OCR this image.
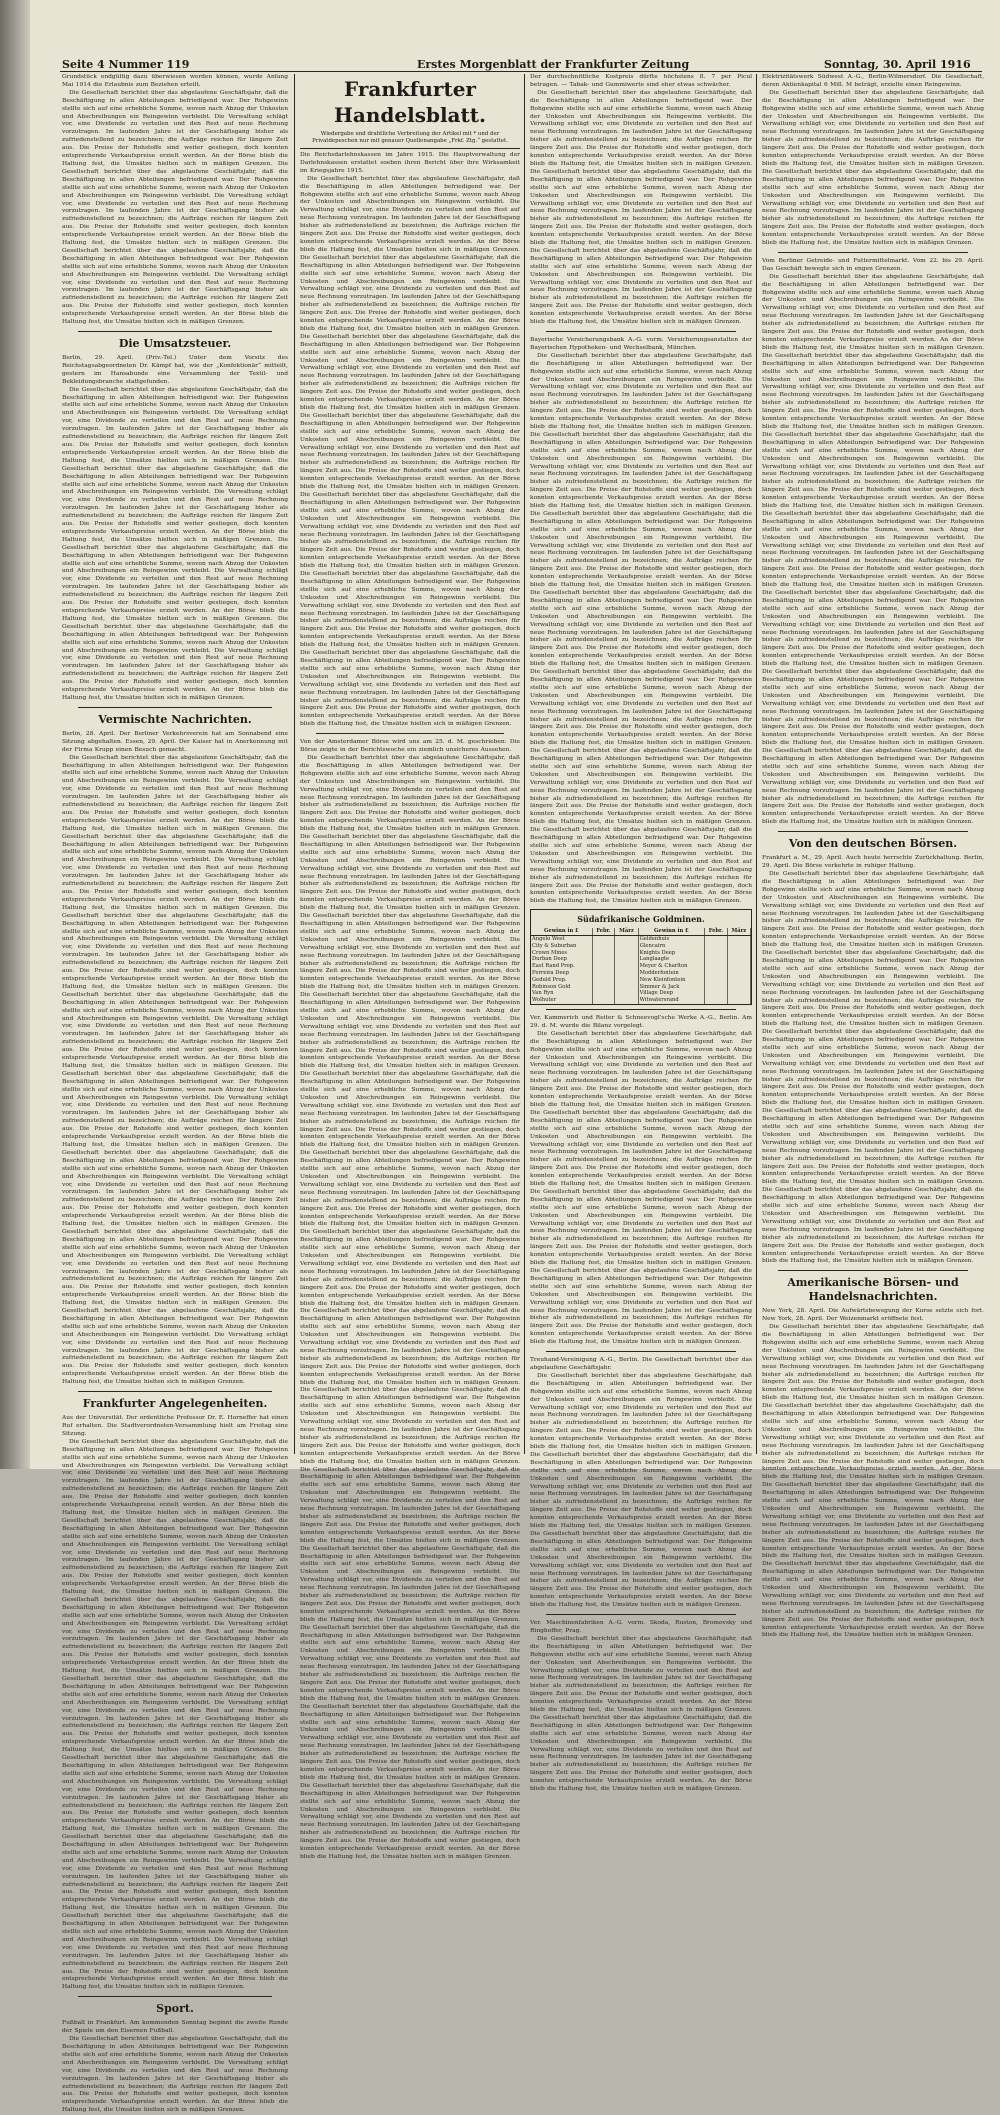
Seite 4 Nummer 119	Erstes Morgenblatt der Frankfurter Zeitung	Sonntag, 30. April 1916

Grundstück endgültig dazu überwiesen werden können, wurde Anfang Mai 1914 die Erlaubnis zum Beziehen erteilt.

Die Gesellschaft berichtet über das abgelaufene Geschäftsjahr, daß die Beschäftigung in allen Abteilungen befriedigend war. Der Rohgewinn stellte sich auf eine erhebliche Summe, wovon nach Abzug der Unkosten und Abschreibungen ein Reingewinn verbleibt. Die Verwaltung schlägt vor, eine Dividende zu verteilen und den Rest auf neue Rechnung vorzutragen. Im laufenden Jahre ist der Geschäftsgang bisher als zufriedenstellend zu bezeichnen; die Aufträge reichen für längere Zeit aus. Die Preise der Rohstoffe sind weiter gestiegen, doch konnten entsprechende Verkaufspreise erzielt werden. An der Börse blieb die Haltung fest, die Umsätze hielten sich in mäßigen Grenzen. Die Gesellschaft berichtet über das abgelaufene Geschäftsjahr, daß die Beschäftigung in allen Abteilungen befriedigend war. Der Rohgewinn stellte sich auf eine erhebliche Summe, wovon nach Abzug der Unkosten und Abschreibungen ein Reingewinn verbleibt. Die Verwaltung schlägt vor, eine Dividende zu verteilen und den Rest auf neue Rechnung vorzutragen. Im laufenden Jahre ist der Geschäftsgang bisher als zufriedenstellend zu bezeichnen; die Aufträge reichen für längere Zeit aus. Die Preise der Rohstoffe sind weiter gestiegen, doch konnten entsprechende Verkaufspreise erzielt werden. An der Börse blieb die Haltung fest, die Umsätze hielten sich in mäßigen Grenzen. Die Gesellschaft berichtet über das abgelaufene Geschäftsjahr, daß die Beschäftigung in allen Abteilungen befriedigend war. Der Rohgewinn stellte sich auf eine erhebliche Summe, wovon nach Abzug der Unkosten und Abschreibungen ein Reingewinn verbleibt. Die Verwaltung schlägt vor, eine Dividende zu verteilen und den Rest auf neue Rechnung vorzutragen. Im laufenden Jahre ist der Geschäftsgang bisher als zufriedenstellend zu bezeichnen; die Aufträge reichen für längere Zeit aus. Die Preise der Rohstoffe sind weiter gestiegen, doch konnten entsprechende Verkaufspreise erzielt werden. An der Börse blieb die Haltung fest, die Umsätze hielten sich in mäßigen Grenzen.

Die Umsatzsteuer.

Berlin, 29. April. (Priv.-Tel.) Unter dem Vorsitz des Reichstagsabgeordneten Dr. Kämpf hat, wie der „Konfektionär“ mitteilt, gestern im Hansabunde eine Versammlung der Textil- und Bekleidungsbranche stattgefunden.

Die Gesellschaft berichtet über das abgelaufene Geschäftsjahr, daß die Beschäftigung in allen Abteilungen befriedigend war. Der Rohgewinn stellte sich auf eine erhebliche Summe, wovon nach Abzug der Unkosten und Abschreibungen ein Reingewinn verbleibt. Die Verwaltung schlägt vor, eine Dividende zu verteilen und den Rest auf neue Rechnung vorzutragen. Im laufenden Jahre ist der Geschäftsgang bisher als zufriedenstellend zu bezeichnen; die Aufträge reichen für längere Zeit aus. Die Preise der Rohstoffe sind weiter gestiegen, doch konnten entsprechende Verkaufspreise erzielt werden. An der Börse blieb die Haltung fest, die Umsätze hielten sich in mäßigen Grenzen. Die Gesellschaft berichtet über das abgelaufene Geschäftsjahr, daß die Beschäftigung in allen Abteilungen befriedigend war. Der Rohgewinn stellte sich auf eine erhebliche Summe, wovon nach Abzug der Unkosten und Abschreibungen ein Reingewinn verbleibt. Die Verwaltung schlägt vor, eine Dividende zu verteilen und den Rest auf neue Rechnung vorzutragen. Im laufenden Jahre ist der Geschäftsgang bisher als zufriedenstellend zu bezeichnen; die Aufträge reichen für längere Zeit aus. Die Preise der Rohstoffe sind weiter gestiegen, doch konnten entsprechende Verkaufspreise erzielt werden. An der Börse blieb die Haltung fest, die Umsätze hielten sich in mäßigen Grenzen. Die Gesellschaft berichtet über das abgelaufene Geschäftsjahr, daß die Beschäftigung in allen Abteilungen befriedigend war. Der Rohgewinn stellte sich auf eine erhebliche Summe, wovon nach Abzug der Unkosten und Abschreibungen ein Reingewinn verbleibt. Die Verwaltung schlägt vor, eine Dividende zu verteilen und den Rest auf neue Rechnung vorzutragen. Im laufenden Jahre ist der Geschäftsgang bisher als zufriedenstellend zu bezeichnen; die Aufträge reichen für längere Zeit aus. Die Preise der Rohstoffe sind weiter gestiegen, doch konnten entsprechende Verkaufspreise erzielt werden. An der Börse blieb die Haltung fest, die Umsätze hielten sich in mäßigen Grenzen. Die Gesellschaft berichtet über das abgelaufene Geschäftsjahr, daß die Beschäftigung in allen Abteilungen befriedigend war. Der Rohgewinn stellte sich auf eine erhebliche Summe, wovon nach Abzug der Unkosten und Abschreibungen ein Reingewinn verbleibt. Die Verwaltung schlägt vor, eine Dividende zu verteilen und den Rest auf neue Rechnung vorzutragen. Im laufenden Jahre ist der Geschäftsgang bisher als zufriedenstellend zu bezeichnen; die Aufträge reichen für längere Zeit aus. Die Preise der Rohstoffe sind weiter gestiegen, doch konnten entsprechende Verkaufspreise erzielt werden. An der Börse blieb die Haltung fest, die Umsätze hielten sich in mäßigen Grenzen.

Vermischte Nachrichten.

Berlin, 28. April. Der Berliner Verkehrsverein hat am Sonnabend eine Sitzung abgehalten. Essen, 29. April. Der Kaiser hat in Anerkennung mit der Firma Krupp einen Besuch gemacht.

Die Gesellschaft berichtet über das abgelaufene Geschäftsjahr, daß die Beschäftigung in allen Abteilungen befriedigend war. Der Rohgewinn stellte sich auf eine erhebliche Summe, wovon nach Abzug der Unkosten und Abschreibungen ein Reingewinn verbleibt. Die Verwaltung schlägt vor, eine Dividende zu verteilen und den Rest auf neue Rechnung vorzutragen. Im laufenden Jahre ist der Geschäftsgang bisher als zufriedenstellend zu bezeichnen; die Aufträge reichen für längere Zeit aus. Die Preise der Rohstoffe sind weiter gestiegen, doch konnten entsprechende Verkaufspreise erzielt werden. An der Börse blieb die Haltung fest, die Umsätze hielten sich in mäßigen Grenzen. Die Gesellschaft berichtet über das abgelaufene Geschäftsjahr, daß die Beschäftigung in allen Abteilungen befriedigend war. Der Rohgewinn stellte sich auf eine erhebliche Summe, wovon nach Abzug der Unkosten und Abschreibungen ein Reingewinn verbleibt. Die Verwaltung schlägt vor, eine Dividende zu verteilen und den Rest auf neue Rechnung vorzutragen. Im laufenden Jahre ist der Geschäftsgang bisher als zufriedenstellend zu bezeichnen; die Aufträge reichen für längere Zeit aus. Die Preise der Rohstoffe sind weiter gestiegen, doch konnten entsprechende Verkaufspreise erzielt werden. An der Börse blieb die Haltung fest, die Umsätze hielten sich in mäßigen Grenzen. Die Gesellschaft berichtet über das abgelaufene Geschäftsjahr, daß die Beschäftigung in allen Abteilungen befriedigend war. Der Rohgewinn stellte sich auf eine erhebliche Summe, wovon nach Abzug der Unkosten und Abschreibungen ein Reingewinn verbleibt. Die Verwaltung schlägt vor, eine Dividende zu verteilen und den Rest auf neue Rechnung vorzutragen. Im laufenden Jahre ist der Geschäftsgang bisher als zufriedenstellend zu bezeichnen; die Aufträge reichen für längere Zeit aus. Die Preise der Rohstoffe sind weiter gestiegen, doch konnten entsprechende Verkaufspreise erzielt werden. An der Börse blieb die Haltung fest, die Umsätze hielten sich in mäßigen Grenzen. Die Gesellschaft berichtet über das abgelaufene Geschäftsjahr, daß die Beschäftigung in allen Abteilungen befriedigend war. Der Rohgewinn stellte sich auf eine erhebliche Summe, wovon nach Abzug der Unkosten und Abschreibungen ein Reingewinn verbleibt. Die Verwaltung schlägt vor, eine Dividende zu verteilen und den Rest auf neue Rechnung vorzutragen. Im laufenden Jahre ist der Geschäftsgang bisher als zufriedenstellend zu bezeichnen; die Aufträge reichen für längere Zeit aus. Die Preise der Rohstoffe sind weiter gestiegen, doch konnten entsprechende Verkaufspreise erzielt werden. An der Börse blieb die Haltung fest, die Umsätze hielten sich in mäßigen Grenzen. Die Gesellschaft berichtet über das abgelaufene Geschäftsjahr, daß die Beschäftigung in allen Abteilungen befriedigend war. Der Rohgewinn stellte sich auf eine erhebliche Summe, wovon nach Abzug der Unkosten und Abschreibungen ein Reingewinn verbleibt. Die Verwaltung schlägt vor, eine Dividende zu verteilen und den Rest auf neue Rechnung vorzutragen. Im laufenden Jahre ist der Geschäftsgang bisher als zufriedenstellend zu bezeichnen; die Aufträge reichen für längere Zeit aus. Die Preise der Rohstoffe sind weiter gestiegen, doch konnten entsprechende Verkaufspreise erzielt werden. An der Börse blieb die Haltung fest, die Umsätze hielten sich in mäßigen Grenzen. Die Gesellschaft berichtet über das abgelaufene Geschäftsjahr, daß die Beschäftigung in allen Abteilungen befriedigend war. Der Rohgewinn stellte sich auf eine erhebliche Summe, wovon nach Abzug der Unkosten und Abschreibungen ein Reingewinn verbleibt. Die Verwaltung schlägt vor, eine Dividende zu verteilen und den Rest auf neue Rechnung vorzutragen. Im laufenden Jahre ist der Geschäftsgang bisher als zufriedenstellend zu bezeichnen; die Aufträge reichen für längere Zeit aus. Die Preise der Rohstoffe sind weiter gestiegen, doch konnten entsprechende Verkaufspreise erzielt werden. An der Börse blieb die Haltung fest, die Umsätze hielten sich in mäßigen Grenzen. Die Gesellschaft berichtet über das abgelaufene Geschäftsjahr, daß die Beschäftigung in allen Abteilungen befriedigend war. Der Rohgewinn stellte sich auf eine erhebliche Summe, wovon nach Abzug der Unkosten und Abschreibungen ein Reingewinn verbleibt. Die Verwaltung schlägt vor, eine Dividende zu verteilen und den Rest auf neue Rechnung vorzutragen. Im laufenden Jahre ist der Geschäftsgang bisher als zufriedenstellend zu bezeichnen; die Aufträge reichen für längere Zeit aus. Die Preise der Rohstoffe sind weiter gestiegen, doch konnten entsprechende Verkaufspreise erzielt werden. An der Börse blieb die Haltung fest, die Umsätze hielten sich in mäßigen Grenzen. Die Gesellschaft berichtet über das abgelaufene Geschäftsjahr, daß die Beschäftigung in allen Abteilungen befriedigend war. Der Rohgewinn stellte sich auf eine erhebliche Summe, wovon nach Abzug der Unkosten und Abschreibungen ein Reingewinn verbleibt. Die Verwaltung schlägt vor, eine Dividende zu verteilen und den Rest auf neue Rechnung vorzutragen. Im laufenden Jahre ist der Geschäftsgang bisher als zufriedenstellend zu bezeichnen; die Aufträge reichen für längere Zeit aus. Die Preise der Rohstoffe sind weiter gestiegen, doch konnten entsprechende Verkaufspreise erzielt werden. An der Börse blieb die Haltung fest, die Umsätze hielten sich in mäßigen Grenzen.

Frankfurter Angelegenheiten.

Aus der Universität. Der ordentliche Professor Dr. E. Horneffer hat einen Ruf erhalten. Die Stadtverordneten-Versammlung hielt am Freitag eine Sitzung.

Die Gesellschaft berichtet über das abgelaufene Geschäftsjahr, daß die Beschäftigung in allen Abteilungen befriedigend war. Der Rohgewinn stellte sich auf eine erhebliche Summe, wovon nach Abzug der Unkosten und Abschreibungen ein Reingewinn verbleibt. Die Verwaltung schlägt vor, eine Dividende zu verteilen und den Rest auf neue Rechnung vorzutragen. Im laufenden Jahre ist der Geschäftsgang bisher als zufriedenstellend zu bezeichnen; die Aufträge reichen für längere Zeit aus. Die Preise der Rohstoffe sind weiter gestiegen, doch konnten entsprechende Verkaufspreise erzielt werden. An der Börse blieb die Haltung fest, die Umsätze hielten sich in mäßigen Grenzen. Die Gesellschaft berichtet über das abgelaufene Geschäftsjahr, daß die Beschäftigung in allen Abteilungen befriedigend war. Der Rohgewinn stellte sich auf eine erhebliche Summe, wovon nach Abzug der Unkosten und Abschreibungen ein Reingewinn verbleibt. Die Verwaltung schlägt vor, eine Dividende zu verteilen und den Rest auf neue Rechnung vorzutragen. Im laufenden Jahre ist der Geschäftsgang bisher als zufriedenstellend zu bezeichnen; die Aufträge reichen für längere Zeit aus. Die Preise der Rohstoffe sind weiter gestiegen, doch konnten entsprechende Verkaufspreise erzielt werden. An der Börse blieb die Haltung fest, die Umsätze hielten sich in mäßigen Grenzen. Die Gesellschaft berichtet über das abgelaufene Geschäftsjahr, daß die Beschäftigung in allen Abteilungen befriedigend war. Der Rohgewinn stellte sich auf eine erhebliche Summe, wovon nach Abzug der Unkosten und Abschreibungen ein Reingewinn verbleibt. Die Verwaltung schlägt vor, eine Dividende zu verteilen und den Rest auf neue Rechnung vorzutragen. Im laufenden Jahre ist der Geschäftsgang bisher als zufriedenstellend zu bezeichnen; die Aufträge reichen für längere Zeit aus. Die Preise der Rohstoffe sind weiter gestiegen, doch konnten entsprechende Verkaufspreise erzielt werden. An der Börse blieb die Haltung fest, die Umsätze hielten sich in mäßigen Grenzen. Die Gesellschaft berichtet über das abgelaufene Geschäftsjahr, daß die Beschäftigung in allen Abteilungen befriedigend war. Der Rohgewinn stellte sich auf eine erhebliche Summe, wovon nach Abzug der Unkosten und Abschreibungen ein Reingewinn verbleibt. Die Verwaltung schlägt vor, eine Dividende zu verteilen und den Rest auf neue Rechnung vorzutragen. Im laufenden Jahre ist der Geschäftsgang bisher als zufriedenstellend zu bezeichnen; die Aufträge reichen für längere Zeit aus. Die Preise der Rohstoffe sind weiter gestiegen, doch konnten entsprechende Verkaufspreise erzielt werden. An der Börse blieb die Haltung fest, die Umsätze hielten sich in mäßigen Grenzen. Die Gesellschaft berichtet über das abgelaufene Geschäftsjahr, daß die Beschäftigung in allen Abteilungen befriedigend war. Der Rohgewinn stellte sich auf eine erhebliche Summe, wovon nach Abzug der Unkosten und Abschreibungen ein Reingewinn verbleibt. Die Verwaltung schlägt vor, eine Dividende zu verteilen und den Rest auf neue Rechnung vorzutragen. Im laufenden Jahre ist der Geschäftsgang bisher als zufriedenstellend zu bezeichnen; die Aufträge reichen für längere Zeit aus. Die Preise der Rohstoffe sind weiter gestiegen, doch konnten entsprechende Verkaufspreise erzielt werden. An der Börse blieb die Haltung fest, die Umsätze hielten sich in mäßigen Grenzen. Die Gesellschaft berichtet über das abgelaufene Geschäftsjahr, daß die Beschäftigung in allen Abteilungen befriedigend war. Der Rohgewinn stellte sich auf eine erhebliche Summe, wovon nach Abzug der Unkosten und Abschreibungen ein Reingewinn verbleibt. Die Verwaltung schlägt vor, eine Dividende zu verteilen und den Rest auf neue Rechnung vorzutragen. Im laufenden Jahre ist der Geschäftsgang bisher als zufriedenstellend zu bezeichnen; die Aufträge reichen für längere Zeit aus. Die Preise der Rohstoffe sind weiter gestiegen, doch konnten entsprechende Verkaufspreise erzielt werden. An der Börse blieb die Haltung fest, die Umsätze hielten sich in mäßigen Grenzen. Die Gesellschaft berichtet über das abgelaufene Geschäftsjahr, daß die Beschäftigung in allen Abteilungen befriedigend war. Der Rohgewinn stellte sich auf eine erhebliche Summe, wovon nach Abzug der Unkosten und Abschreibungen ein Reingewinn verbleibt. Die Verwaltung schlägt vor, eine Dividende zu verteilen und den Rest auf neue Rechnung vorzutragen. Im laufenden Jahre ist der Geschäftsgang bisher als zufriedenstellend zu bezeichnen; die Aufträge reichen für längere Zeit aus. Die Preise der Rohstoffe sind weiter gestiegen, doch konnten entsprechende Verkaufspreise erzielt werden. An der Börse blieb die Haltung fest, die Umsätze hielten sich in mäßigen Grenzen.

Sport.

Fußball in Frankfurt. Am kommenden Sonntag beginnt die zweite Runde der Spiele um den Eisernen Fußball.

Die Gesellschaft berichtet über das abgelaufene Geschäftsjahr, daß die Beschäftigung in allen Abteilungen befriedigend war. Der Rohgewinn stellte sich auf eine erhebliche Summe, wovon nach Abzug der Unkosten und Abschreibungen ein Reingewinn verbleibt. Die Verwaltung schlägt vor, eine Dividende zu verteilen und den Rest auf neue Rechnung vorzutragen. Im laufenden Jahre ist der Geschäftsgang bisher als zufriedenstellend zu bezeichnen; die Aufträge reichen für längere Zeit aus. Die Preise der Rohstoffe sind weiter gestiegen, doch konnten entsprechende Verkaufspreise erzielt werden. An der Börse blieb die Haltung fest, die Umsätze hielten sich in mäßigen Grenzen.

Frankfurter Handelsblatt.
Wiedergabe und drahtliche Verbreitung der Artikel mit * und der Privatdepeschen nur mit genauer Quellenangabe „Frkf. Ztg.“ gestattet.

Die Reichsdarlehnskassen im Jahre 1915. Die Hauptverwaltung der Darlehnskassen erstattet soeben ihren Bericht über ihre Wirksamkeit im Kriegsjahre 1915.

Die Gesellschaft berichtet über das abgelaufene Geschäftsjahr, daß die Beschäftigung in allen Abteilungen befriedigend war. Der Rohgewinn stellte sich auf eine erhebliche Summe, wovon nach Abzug der Unkosten und Abschreibungen ein Reingewinn verbleibt. Die Verwaltung schlägt vor, eine Dividende zu verteilen und den Rest auf neue Rechnung vorzutragen. Im laufenden Jahre ist der Geschäftsgang bisher als zufriedenstellend zu bezeichnen; die Aufträge reichen für längere Zeit aus. Die Preise der Rohstoffe sind weiter gestiegen, doch konnten entsprechende Verkaufspreise erzielt werden. An der Börse blieb die Haltung fest, die Umsätze hielten sich in mäßigen Grenzen. Die Gesellschaft berichtet über das abgelaufene Geschäftsjahr, daß die Beschäftigung in allen Abteilungen befriedigend war. Der Rohgewinn stellte sich auf eine erhebliche Summe, wovon nach Abzug der Unkosten und Abschreibungen ein Reingewinn verbleibt. Die Verwaltung schlägt vor, eine Dividende zu verteilen und den Rest auf neue Rechnung vorzutragen. Im laufenden Jahre ist der Geschäftsgang bisher als zufriedenstellend zu bezeichnen; die Aufträge reichen für längere Zeit aus. Die Preise der Rohstoffe sind weiter gestiegen, doch konnten entsprechende Verkaufspreise erzielt werden. An der Börse blieb die Haltung fest, die Umsätze hielten sich in mäßigen Grenzen. Die Gesellschaft berichtet über das abgelaufene Geschäftsjahr, daß die Beschäftigung in allen Abteilungen befriedigend war. Der Rohgewinn stellte sich auf eine erhebliche Summe, wovon nach Abzug der Unkosten und Abschreibungen ein Reingewinn verbleibt. Die Verwaltung schlägt vor, eine Dividende zu verteilen und den Rest auf neue Rechnung vorzutragen. Im laufenden Jahre ist der Geschäftsgang bisher als zufriedenstellend zu bezeichnen; die Aufträge reichen für längere Zeit aus. Die Preise der Rohstoffe sind weiter gestiegen, doch konnten entsprechende Verkaufspreise erzielt werden. An der Börse blieb die Haltung fest, die Umsätze hielten sich in mäßigen Grenzen. Die Gesellschaft berichtet über das abgelaufene Geschäftsjahr, daß die Beschäftigung in allen Abteilungen befriedigend war. Der Rohgewinn stellte sich auf eine erhebliche Summe, wovon nach Abzug der Unkosten und Abschreibungen ein Reingewinn verbleibt. Die Verwaltung schlägt vor, eine Dividende zu verteilen und den Rest auf neue Rechnung vorzutragen. Im laufenden Jahre ist der Geschäftsgang bisher als zufriedenstellend zu bezeichnen; die Aufträge reichen für längere Zeit aus. Die Preise der Rohstoffe sind weiter gestiegen, doch konnten entsprechende Verkaufspreise erzielt werden. An der Börse blieb die Haltung fest, die Umsätze hielten sich in mäßigen Grenzen. Die Gesellschaft berichtet über das abgelaufene Geschäftsjahr, daß die Beschäftigung in allen Abteilungen befriedigend war. Der Rohgewinn stellte sich auf eine erhebliche Summe, wovon nach Abzug der Unkosten und Abschreibungen ein Reingewinn verbleibt. Die Verwaltung schlägt vor, eine Dividende zu verteilen und den Rest auf neue Rechnung vorzutragen. Im laufenden Jahre ist der Geschäftsgang bisher als zufriedenstellend zu bezeichnen; die Aufträge reichen für längere Zeit aus. Die Preise der Rohstoffe sind weiter gestiegen, doch konnten entsprechende Verkaufspreise erzielt werden. An der Börse blieb die Haltung fest, die Umsätze hielten sich in mäßigen Grenzen. Die Gesellschaft berichtet über das abgelaufene Geschäftsjahr, daß die Beschäftigung in allen Abteilungen befriedigend war. Der Rohgewinn stellte sich auf eine erhebliche Summe, wovon nach Abzug der Unkosten und Abschreibungen ein Reingewinn verbleibt. Die Verwaltung schlägt vor, eine Dividende zu verteilen und den Rest auf neue Rechnung vorzutragen. Im laufenden Jahre ist der Geschäftsgang bisher als zufriedenstellend zu bezeichnen; die Aufträge reichen für längere Zeit aus. Die Preise der Rohstoffe sind weiter gestiegen, doch konnten entsprechende Verkaufspreise erzielt werden. An der Börse blieb die Haltung fest, die Umsätze hielten sich in mäßigen Grenzen. Die Gesellschaft berichtet über das abgelaufene Geschäftsjahr, daß die Beschäftigung in allen Abteilungen befriedigend war. Der Rohgewinn stellte sich auf eine erhebliche Summe, wovon nach Abzug der Unkosten und Abschreibungen ein Reingewinn verbleibt. Die Verwaltung schlägt vor, eine Dividende zu verteilen und den Rest auf neue Rechnung vorzutragen. Im laufenden Jahre ist der Geschäftsgang bisher als zufriedenstellend zu bezeichnen; die Aufträge reichen für längere Zeit aus. Die Preise der Rohstoffe sind weiter gestiegen, doch konnten entsprechende Verkaufspreise erzielt werden. An der Börse blieb die Haltung fest, die Umsätze hielten sich in mäßigen Grenzen.

Von der Amsterdamer Börse wird uns am 25. d. M. geschrieben: Die Börse zeigte in der Berichtswoche ein ziemlich unsicheres Aussehen.

Die Gesellschaft berichtet über das abgelaufene Geschäftsjahr, daß die Beschäftigung in allen Abteilungen befriedigend war. Der Rohgewinn stellte sich auf eine erhebliche Summe, wovon nach Abzug der Unkosten und Abschreibungen ein Reingewinn verbleibt. Die Verwaltung schlägt vor, eine Dividende zu verteilen und den Rest auf neue Rechnung vorzutragen. Im laufenden Jahre ist der Geschäftsgang bisher als zufriedenstellend zu bezeichnen; die Aufträge reichen für längere Zeit aus. Die Preise der Rohstoffe sind weiter gestiegen, doch konnten entsprechende Verkaufspreise erzielt werden. An der Börse blieb die Haltung fest, die Umsätze hielten sich in mäßigen Grenzen. Die Gesellschaft berichtet über das abgelaufene Geschäftsjahr, daß die Beschäftigung in allen Abteilungen befriedigend war. Der Rohgewinn stellte sich auf eine erhebliche Summe, wovon nach Abzug der Unkosten und Abschreibungen ein Reingewinn verbleibt. Die Verwaltung schlägt vor, eine Dividende zu verteilen und den Rest auf neue Rechnung vorzutragen. Im laufenden Jahre ist der Geschäftsgang bisher als zufriedenstellend zu bezeichnen; die Aufträge reichen für längere Zeit aus. Die Preise der Rohstoffe sind weiter gestiegen, doch konnten entsprechende Verkaufspreise erzielt werden. An der Börse blieb die Haltung fest, die Umsätze hielten sich in mäßigen Grenzen. Die Gesellschaft berichtet über das abgelaufene Geschäftsjahr, daß die Beschäftigung in allen Abteilungen befriedigend war. Der Rohgewinn stellte sich auf eine erhebliche Summe, wovon nach Abzug der Unkosten und Abschreibungen ein Reingewinn verbleibt. Die Verwaltung schlägt vor, eine Dividende zu verteilen und den Rest auf neue Rechnung vorzutragen. Im laufenden Jahre ist der Geschäftsgang bisher als zufriedenstellend zu bezeichnen; die Aufträge reichen für längere Zeit aus. Die Preise der Rohstoffe sind weiter gestiegen, doch konnten entsprechende Verkaufspreise erzielt werden. An der Börse blieb die Haltung fest, die Umsätze hielten sich in mäßigen Grenzen. Die Gesellschaft berichtet über das abgelaufene Geschäftsjahr, daß die Beschäftigung in allen Abteilungen befriedigend war. Der Rohgewinn stellte sich auf eine erhebliche Summe, wovon nach Abzug der Unkosten und Abschreibungen ein Reingewinn verbleibt. Die Verwaltung schlägt vor, eine Dividende zu verteilen und den Rest auf neue Rechnung vorzutragen. Im laufenden Jahre ist der Geschäftsgang bisher als zufriedenstellend zu bezeichnen; die Aufträge reichen für längere Zeit aus. Die Preise der Rohstoffe sind weiter gestiegen, doch konnten entsprechende Verkaufspreise erzielt werden. An der Börse blieb die Haltung fest, die Umsätze hielten sich in mäßigen Grenzen. Die Gesellschaft berichtet über das abgelaufene Geschäftsjahr, daß die Beschäftigung in allen Abteilungen befriedigend war. Der Rohgewinn stellte sich auf eine erhebliche Summe, wovon nach Abzug der Unkosten und Abschreibungen ein Reingewinn verbleibt. Die Verwaltung schlägt vor, eine Dividende zu verteilen und den Rest auf neue Rechnung vorzutragen. Im laufenden Jahre ist der Geschäftsgang bisher als zufriedenstellend zu bezeichnen; die Aufträge reichen für längere Zeit aus. Die Preise der Rohstoffe sind weiter gestiegen, doch konnten entsprechende Verkaufspreise erzielt werden. An der Börse blieb die Haltung fest, die Umsätze hielten sich in mäßigen Grenzen. Die Gesellschaft berichtet über das abgelaufene Geschäftsjahr, daß die Beschäftigung in allen Abteilungen befriedigend war. Der Rohgewinn stellte sich auf eine erhebliche Summe, wovon nach Abzug der Unkosten und Abschreibungen ein Reingewinn verbleibt. Die Verwaltung schlägt vor, eine Dividende zu verteilen und den Rest auf neue Rechnung vorzutragen. Im laufenden Jahre ist der Geschäftsgang bisher als zufriedenstellend zu bezeichnen; die Aufträge reichen für längere Zeit aus. Die Preise der Rohstoffe sind weiter gestiegen, doch konnten entsprechende Verkaufspreise erzielt werden. An der Börse blieb die Haltung fest, die Umsätze hielten sich in mäßigen Grenzen. Die Gesellschaft berichtet über das abgelaufene Geschäftsjahr, daß die Beschäftigung in allen Abteilungen befriedigend war. Der Rohgewinn stellte sich auf eine erhebliche Summe, wovon nach Abzug der Unkosten und Abschreibungen ein Reingewinn verbleibt. Die Verwaltung schlägt vor, eine Dividende zu verteilen und den Rest auf neue Rechnung vorzutragen. Im laufenden Jahre ist der Geschäftsgang bisher als zufriedenstellend zu bezeichnen; die Aufträge reichen für längere Zeit aus. Die Preise der Rohstoffe sind weiter gestiegen, doch konnten entsprechende Verkaufspreise erzielt werden. An der Börse blieb die Haltung fest, die Umsätze hielten sich in mäßigen Grenzen. Die Gesellschaft berichtet über das abgelaufene Geschäftsjahr, daß die Beschäftigung in allen Abteilungen befriedigend war. Der Rohgewinn stellte sich auf eine erhebliche Summe, wovon nach Abzug der Unkosten und Abschreibungen ein Reingewinn verbleibt. Die Verwaltung schlägt vor, eine Dividende zu verteilen und den Rest auf neue Rechnung vorzutragen. Im laufenden Jahre ist der Geschäftsgang bisher als zufriedenstellend zu bezeichnen; die Aufträge reichen für längere Zeit aus. Die Preise der Rohstoffe sind weiter gestiegen, doch konnten entsprechende Verkaufspreise erzielt werden. An der Börse blieb die Haltung fest, die Umsätze hielten sich in mäßigen Grenzen. Die Gesellschaft berichtet über das abgelaufene Geschäftsjahr, daß die Beschäftigung in allen Abteilungen befriedigend war. Der Rohgewinn stellte sich auf eine erhebliche Summe, wovon nach Abzug der Unkosten und Abschreibungen ein Reingewinn verbleibt. Die Verwaltung schlägt vor, eine Dividende zu verteilen und den Rest auf neue Rechnung vorzutragen. Im laufenden Jahre ist der Geschäftsgang bisher als zufriedenstellend zu bezeichnen; die Aufträge reichen für längere Zeit aus. Die Preise der Rohstoffe sind weiter gestiegen, doch konnten entsprechende Verkaufspreise erzielt werden. An der Börse blieb die Haltung fest, die Umsätze hielten sich in mäßigen Grenzen. Die Gesellschaft berichtet über das abgelaufene Geschäftsjahr, daß die Beschäftigung in allen Abteilungen befriedigend war. Der Rohgewinn stellte sich auf eine erhebliche Summe, wovon nach Abzug der Unkosten und Abschreibungen ein Reingewinn verbleibt. Die Verwaltung schlägt vor, eine Dividende zu verteilen und den Rest auf neue Rechnung vorzutragen. Im laufenden Jahre ist der Geschäftsgang bisher als zufriedenstellend zu bezeichnen; die Aufträge reichen für längere Zeit aus. Die Preise der Rohstoffe sind weiter gestiegen, doch konnten entsprechende Verkaufspreise erzielt werden. An der Börse blieb die Haltung fest, die Umsätze hielten sich in mäßigen Grenzen. Die Gesellschaft berichtet über das abgelaufene Geschäftsjahr, daß die Beschäftigung in allen Abteilungen befriedigend war. Der Rohgewinn stellte sich auf eine erhebliche Summe, wovon nach Abzug der Unkosten und Abschreibungen ein Reingewinn verbleibt. Die Verwaltung schlägt vor, eine Dividende zu verteilen und den Rest auf neue Rechnung vorzutragen. Im laufenden Jahre ist der Geschäftsgang bisher als zufriedenstellend zu bezeichnen; die Aufträge reichen für längere Zeit aus. Die Preise der Rohstoffe sind weiter gestiegen, doch konnten entsprechende Verkaufspreise erzielt werden. An der Börse blieb die Haltung fest, die Umsätze hielten sich in mäßigen Grenzen. Die Gesellschaft berichtet über das abgelaufene Geschäftsjahr, daß die Beschäftigung in allen Abteilungen befriedigend war. Der Rohgewinn stellte sich auf eine erhebliche Summe, wovon nach Abzug der Unkosten und Abschreibungen ein Reingewinn verbleibt. Die Verwaltung schlägt vor, eine Dividende zu verteilen und den Rest auf neue Rechnung vorzutragen. Im laufenden Jahre ist der Geschäftsgang bisher als zufriedenstellend zu bezeichnen; die Aufträge reichen für längere Zeit aus. Die Preise der Rohstoffe sind weiter gestiegen, doch konnten entsprechende Verkaufspreise erzielt werden. An der Börse blieb die Haltung fest, die Umsätze hielten sich in mäßigen Grenzen. Die Gesellschaft berichtet über das abgelaufene Geschäftsjahr, daß die Beschäftigung in allen Abteilungen befriedigend war. Der Rohgewinn stellte sich auf eine erhebliche Summe, wovon nach Abzug der Unkosten und Abschreibungen ein Reingewinn verbleibt. Die Verwaltung schlägt vor, eine Dividende zu verteilen und den Rest auf neue Rechnung vorzutragen. Im laufenden Jahre ist der Geschäftsgang bisher als zufriedenstellend zu bezeichnen; die Aufträge reichen für längere Zeit aus. Die Preise der Rohstoffe sind weiter gestiegen, doch konnten entsprechende Verkaufspreise erzielt werden. An der Börse blieb die Haltung fest, die Umsätze hielten sich in mäßigen Grenzen. Die Gesellschaft berichtet über das abgelaufene Geschäftsjahr, daß die Beschäftigung in allen Abteilungen befriedigend war. Der Rohgewinn stellte sich auf eine erhebliche Summe, wovon nach Abzug der Unkosten und Abschreibungen ein Reingewinn verbleibt. Die Verwaltung schlägt vor, eine Dividende zu verteilen und den Rest auf neue Rechnung vorzutragen. Im laufenden Jahre ist der Geschäftsgang bisher als zufriedenstellend zu bezeichnen; die Aufträge reichen für längere Zeit aus. Die Preise der Rohstoffe sind weiter gestiegen, doch konnten entsprechende Verkaufspreise erzielt werden. An der Börse blieb die Haltung fest, die Umsätze hielten sich in mäßigen Grenzen.

Der durchschnittliche Kostpreis dürfte höchstens fl. 7 per Picul betragen. — Tabak- und Gummiwerte sind eher etwas schwächer.

Die Gesellschaft berichtet über das abgelaufene Geschäftsjahr, daß die Beschäftigung in allen Abteilungen befriedigend war. Der Rohgewinn stellte sich auf eine erhebliche Summe, wovon nach Abzug der Unkosten und Abschreibungen ein Reingewinn verbleibt. Die Verwaltung schlägt vor, eine Dividende zu verteilen und den Rest auf neue Rechnung vorzutragen. Im laufenden Jahre ist der Geschäftsgang bisher als zufriedenstellend zu bezeichnen; die Aufträge reichen für längere Zeit aus. Die Preise der Rohstoffe sind weiter gestiegen, doch konnten entsprechende Verkaufspreise erzielt werden. An der Börse blieb die Haltung fest, die Umsätze hielten sich in mäßigen Grenzen. Die Gesellschaft berichtet über das abgelaufene Geschäftsjahr, daß die Beschäftigung in allen Abteilungen befriedigend war. Der Rohgewinn stellte sich auf eine erhebliche Summe, wovon nach Abzug der Unkosten und Abschreibungen ein Reingewinn verbleibt. Die Verwaltung schlägt vor, eine Dividende zu verteilen und den Rest auf neue Rechnung vorzutragen. Im laufenden Jahre ist der Geschäftsgang bisher als zufriedenstellend zu bezeichnen; die Aufträge reichen für längere Zeit aus. Die Preise der Rohstoffe sind weiter gestiegen, doch konnten entsprechende Verkaufspreise erzielt werden. An der Börse blieb die Haltung fest, die Umsätze hielten sich in mäßigen Grenzen. Die Gesellschaft berichtet über das abgelaufene Geschäftsjahr, daß die Beschäftigung in allen Abteilungen befriedigend war. Der Rohgewinn stellte sich auf eine erhebliche Summe, wovon nach Abzug der Unkosten und Abschreibungen ein Reingewinn verbleibt. Die Verwaltung schlägt vor, eine Dividende zu verteilen und den Rest auf neue Rechnung vorzutragen. Im laufenden Jahre ist der Geschäftsgang bisher als zufriedenstellend zu bezeichnen; die Aufträge reichen für längere Zeit aus. Die Preise der Rohstoffe sind weiter gestiegen, doch konnten entsprechende Verkaufspreise erzielt werden. An der Börse blieb die Haltung fest, die Umsätze hielten sich in mäßigen Grenzen.

Bayerische Versicherungsbank A.-G. vorm. Versicherungsanstalten der Bayerischen Hypotheken- und Wechselbank, München.

Die Gesellschaft berichtet über das abgelaufene Geschäftsjahr, daß die Beschäftigung in allen Abteilungen befriedigend war. Der Rohgewinn stellte sich auf eine erhebliche Summe, wovon nach Abzug der Unkosten und Abschreibungen ein Reingewinn verbleibt. Die Verwaltung schlägt vor, eine Dividende zu verteilen und den Rest auf neue Rechnung vorzutragen. Im laufenden Jahre ist der Geschäftsgang bisher als zufriedenstellend zu bezeichnen; die Aufträge reichen für längere Zeit aus. Die Preise der Rohstoffe sind weiter gestiegen, doch konnten entsprechende Verkaufspreise erzielt werden. An der Börse blieb die Haltung fest, die Umsätze hielten sich in mäßigen Grenzen. Die Gesellschaft berichtet über das abgelaufene Geschäftsjahr, daß die Beschäftigung in allen Abteilungen befriedigend war. Der Rohgewinn stellte sich auf eine erhebliche Summe, wovon nach Abzug der Unkosten und Abschreibungen ein Reingewinn verbleibt. Die Verwaltung schlägt vor, eine Dividende zu verteilen und den Rest auf neue Rechnung vorzutragen. Im laufenden Jahre ist der Geschäftsgang bisher als zufriedenstellend zu bezeichnen; die Aufträge reichen für längere Zeit aus. Die Preise der Rohstoffe sind weiter gestiegen, doch konnten entsprechende Verkaufspreise erzielt werden. An der Börse blieb die Haltung fest, die Umsätze hielten sich in mäßigen Grenzen. Die Gesellschaft berichtet über das abgelaufene Geschäftsjahr, daß die Beschäftigung in allen Abteilungen befriedigend war. Der Rohgewinn stellte sich auf eine erhebliche Summe, wovon nach Abzug der Unkosten und Abschreibungen ein Reingewinn verbleibt. Die Verwaltung schlägt vor, eine Dividende zu verteilen und den Rest auf neue Rechnung vorzutragen. Im laufenden Jahre ist der Geschäftsgang bisher als zufriedenstellend zu bezeichnen; die Aufträge reichen für längere Zeit aus. Die Preise der Rohstoffe sind weiter gestiegen, doch konnten entsprechende Verkaufspreise erzielt werden. An der Börse blieb die Haltung fest, die Umsätze hielten sich in mäßigen Grenzen. Die Gesellschaft berichtet über das abgelaufene Geschäftsjahr, daß die Beschäftigung in allen Abteilungen befriedigend war. Der Rohgewinn stellte sich auf eine erhebliche Summe, wovon nach Abzug der Unkosten und Abschreibungen ein Reingewinn verbleibt. Die Verwaltung schlägt vor, eine Dividende zu verteilen und den Rest auf neue Rechnung vorzutragen. Im laufenden Jahre ist der Geschäftsgang bisher als zufriedenstellend zu bezeichnen; die Aufträge reichen für längere Zeit aus. Die Preise der Rohstoffe sind weiter gestiegen, doch konnten entsprechende Verkaufspreise erzielt werden. An der Börse blieb die Haltung fest, die Umsätze hielten sich in mäßigen Grenzen. Die Gesellschaft berichtet über das abgelaufene Geschäftsjahr, daß die Beschäftigung in allen Abteilungen befriedigend war. Der Rohgewinn stellte sich auf eine erhebliche Summe, wovon nach Abzug der Unkosten und Abschreibungen ein Reingewinn verbleibt. Die Verwaltung schlägt vor, eine Dividende zu verteilen und den Rest auf neue Rechnung vorzutragen. Im laufenden Jahre ist der Geschäftsgang bisher als zufriedenstellend zu bezeichnen; die Aufträge reichen für längere Zeit aus. Die Preise der Rohstoffe sind weiter gestiegen, doch konnten entsprechende Verkaufspreise erzielt werden. An der Börse blieb die Haltung fest, die Umsätze hielten sich in mäßigen Grenzen. Die Gesellschaft berichtet über das abgelaufene Geschäftsjahr, daß die Beschäftigung in allen Abteilungen befriedigend war. Der Rohgewinn stellte sich auf eine erhebliche Summe, wovon nach Abzug der Unkosten und Abschreibungen ein Reingewinn verbleibt. Die Verwaltung schlägt vor, eine Dividende zu verteilen und den Rest auf neue Rechnung vorzutragen. Im laufenden Jahre ist der Geschäftsgang bisher als zufriedenstellend zu bezeichnen; die Aufträge reichen für längere Zeit aus. Die Preise der Rohstoffe sind weiter gestiegen, doch konnten entsprechende Verkaufspreise erzielt werden. An der Börse blieb die Haltung fest, die Umsätze hielten sich in mäßigen Grenzen. Die Gesellschaft berichtet über das abgelaufene Geschäftsjahr, daß die Beschäftigung in allen Abteilungen befriedigend war. Der Rohgewinn stellte sich auf eine erhebliche Summe, wovon nach Abzug der Unkosten und Abschreibungen ein Reingewinn verbleibt. Die Verwaltung schlägt vor, eine Dividende zu verteilen und den Rest auf neue Rechnung vorzutragen. Im laufenden Jahre ist der Geschäftsgang bisher als zufriedenstellend zu bezeichnen; die Aufträge reichen für längere Zeit aus. Die Preise der Rohstoffe sind weiter gestiegen, doch konnten entsprechende Verkaufspreise erzielt werden. An der Börse blieb die Haltung fest, die Umsätze hielten sich in mäßigen Grenzen.

Südafrikanische Goldminen.
Gewinn in £	Febr.	März	Gewinn in £	Febr.	März
Angelo West			Geldenhuis		
City & Suburban			Glencairn		
Crown Mines			Knights Deep		
Durban Deep			Langlaagte		
East Rand Prop.			Meyer & Charlton		
Ferreira Deep			Modderfontein		
Geduld Prop.			New Kleinfontein		
Robinson Gold			Simmer & Jack		
Van Ryn			Village Deep		
Wolhuter			Witwatersrand		

Ver. Kammerich und Reiter & Schneevogl'sche Werke A.-G., Berlin. Am 29. d. M. wurde die Bilanz vorgelegt.

Die Gesellschaft berichtet über das abgelaufene Geschäftsjahr, daß die Beschäftigung in allen Abteilungen befriedigend war. Der Rohgewinn stellte sich auf eine erhebliche Summe, wovon nach Abzug der Unkosten und Abschreibungen ein Reingewinn verbleibt. Die Verwaltung schlägt vor, eine Dividende zu verteilen und den Rest auf neue Rechnung vorzutragen. Im laufenden Jahre ist der Geschäftsgang bisher als zufriedenstellend zu bezeichnen; die Aufträge reichen für längere Zeit aus. Die Preise der Rohstoffe sind weiter gestiegen, doch konnten entsprechende Verkaufspreise erzielt werden. An der Börse blieb die Haltung fest, die Umsätze hielten sich in mäßigen Grenzen. Die Gesellschaft berichtet über das abgelaufene Geschäftsjahr, daß die Beschäftigung in allen Abteilungen befriedigend war. Der Rohgewinn stellte sich auf eine erhebliche Summe, wovon nach Abzug der Unkosten und Abschreibungen ein Reingewinn verbleibt. Die Verwaltung schlägt vor, eine Dividende zu verteilen und den Rest auf neue Rechnung vorzutragen. Im laufenden Jahre ist der Geschäftsgang bisher als zufriedenstellend zu bezeichnen; die Aufträge reichen für längere Zeit aus. Die Preise der Rohstoffe sind weiter gestiegen, doch konnten entsprechende Verkaufspreise erzielt werden. An der Börse blieb die Haltung fest, die Umsätze hielten sich in mäßigen Grenzen. Die Gesellschaft berichtet über das abgelaufene Geschäftsjahr, daß die Beschäftigung in allen Abteilungen befriedigend war. Der Rohgewinn stellte sich auf eine erhebliche Summe, wovon nach Abzug der Unkosten und Abschreibungen ein Reingewinn verbleibt. Die Verwaltung schlägt vor, eine Dividende zu verteilen und den Rest auf neue Rechnung vorzutragen. Im laufenden Jahre ist der Geschäftsgang bisher als zufriedenstellend zu bezeichnen; die Aufträge reichen für längere Zeit aus. Die Preise der Rohstoffe sind weiter gestiegen, doch konnten entsprechende Verkaufspreise erzielt werden. An der Börse blieb die Haltung fest, die Umsätze hielten sich in mäßigen Grenzen. Die Gesellschaft berichtet über das abgelaufene Geschäftsjahr, daß die Beschäftigung in allen Abteilungen befriedigend war. Der Rohgewinn stellte sich auf eine erhebliche Summe, wovon nach Abzug der Unkosten und Abschreibungen ein Reingewinn verbleibt. Die Verwaltung schlägt vor, eine Dividende zu verteilen und den Rest auf neue Rechnung vorzutragen. Im laufenden Jahre ist der Geschäftsgang bisher als zufriedenstellend zu bezeichnen; die Aufträge reichen für längere Zeit aus. Die Preise der Rohstoffe sind weiter gestiegen, doch konnten entsprechende Verkaufspreise erzielt werden. An der Börse blieb die Haltung fest, die Umsätze hielten sich in mäßigen Grenzen.

Treuhand-Vereinigung A.-G., Berlin. Die Gesellschaft berichtet über das abgelaufene Geschäftsjahr.

Die Gesellschaft berichtet über das abgelaufene Geschäftsjahr, daß die Beschäftigung in allen Abteilungen befriedigend war. Der Rohgewinn stellte sich auf eine erhebliche Summe, wovon nach Abzug der Unkosten und Abschreibungen ein Reingewinn verbleibt. Die Verwaltung schlägt vor, eine Dividende zu verteilen und den Rest auf neue Rechnung vorzutragen. Im laufenden Jahre ist der Geschäftsgang bisher als zufriedenstellend zu bezeichnen; die Aufträge reichen für längere Zeit aus. Die Preise der Rohstoffe sind weiter gestiegen, doch konnten entsprechende Verkaufspreise erzielt werden. An der Börse blieb die Haltung fest, die Umsätze hielten sich in mäßigen Grenzen. Die Gesellschaft berichtet über das abgelaufene Geschäftsjahr, daß die Beschäftigung in allen Abteilungen befriedigend war. Der Rohgewinn stellte sich auf eine erhebliche Summe, wovon nach Abzug der Unkosten und Abschreibungen ein Reingewinn verbleibt. Die Verwaltung schlägt vor, eine Dividende zu verteilen und den Rest auf neue Rechnung vorzutragen. Im laufenden Jahre ist der Geschäftsgang bisher als zufriedenstellend zu bezeichnen; die Aufträge reichen für längere Zeit aus. Die Preise der Rohstoffe sind weiter gestiegen, doch konnten entsprechende Verkaufspreise erzielt werden. An der Börse blieb die Haltung fest, die Umsätze hielten sich in mäßigen Grenzen. Die Gesellschaft berichtet über das abgelaufene Geschäftsjahr, daß die Beschäftigung in allen Abteilungen befriedigend war. Der Rohgewinn stellte sich auf eine erhebliche Summe, wovon nach Abzug der Unkosten und Abschreibungen ein Reingewinn verbleibt. Die Verwaltung schlägt vor, eine Dividende zu verteilen und den Rest auf neue Rechnung vorzutragen. Im laufenden Jahre ist der Geschäftsgang bisher als zufriedenstellend zu bezeichnen; die Aufträge reichen für längere Zeit aus. Die Preise der Rohstoffe sind weiter gestiegen, doch konnten entsprechende Verkaufspreise erzielt werden. An der Börse blieb die Haltung fest, die Umsätze hielten sich in mäßigen Grenzen.

Ver. Maschinenfabriken A.-G. vorm. Skoda, Ruston, Bromovsky und Ringhoffer, Prag.

Die Gesellschaft berichtet über das abgelaufene Geschäftsjahr, daß die Beschäftigung in allen Abteilungen befriedigend war. Der Rohgewinn stellte sich auf eine erhebliche Summe, wovon nach Abzug der Unkosten und Abschreibungen ein Reingewinn verbleibt. Die Verwaltung schlägt vor, eine Dividende zu verteilen und den Rest auf neue Rechnung vorzutragen. Im laufenden Jahre ist der Geschäftsgang bisher als zufriedenstellend zu bezeichnen; die Aufträge reichen für längere Zeit aus. Die Preise der Rohstoffe sind weiter gestiegen, doch konnten entsprechende Verkaufspreise erzielt werden. An der Börse blieb die Haltung fest, die Umsätze hielten sich in mäßigen Grenzen. Die Gesellschaft berichtet über das abgelaufene Geschäftsjahr, daß die Beschäftigung in allen Abteilungen befriedigend war. Der Rohgewinn stellte sich auf eine erhebliche Summe, wovon nach Abzug der Unkosten und Abschreibungen ein Reingewinn verbleibt. Die Verwaltung schlägt vor, eine Dividende zu verteilen und den Rest auf neue Rechnung vorzutragen. Im laufenden Jahre ist der Geschäftsgang bisher als zufriedenstellend zu bezeichnen; die Aufträge reichen für längere Zeit aus. Die Preise der Rohstoffe sind weiter gestiegen, doch konnten entsprechende Verkaufspreise erzielt werden. An der Börse blieb die Haltung fest, die Umsätze hielten sich in mäßigen Grenzen.

Elektrizitätswerk Südwest A.-G., Berlin-Wilmersdorf. Die Gesellschaft, deren Aktienkapital 6 Mill. M beträgt, erzielte einen Reingewinn.

Die Gesellschaft berichtet über das abgelaufene Geschäftsjahr, daß die Beschäftigung in allen Abteilungen befriedigend war. Der Rohgewinn stellte sich auf eine erhebliche Summe, wovon nach Abzug der Unkosten und Abschreibungen ein Reingewinn verbleibt. Die Verwaltung schlägt vor, eine Dividende zu verteilen und den Rest auf neue Rechnung vorzutragen. Im laufenden Jahre ist der Geschäftsgang bisher als zufriedenstellend zu bezeichnen; die Aufträge reichen für längere Zeit aus. Die Preise der Rohstoffe sind weiter gestiegen, doch konnten entsprechende Verkaufspreise erzielt werden. An der Börse blieb die Haltung fest, die Umsätze hielten sich in mäßigen Grenzen. Die Gesellschaft berichtet über das abgelaufene Geschäftsjahr, daß die Beschäftigung in allen Abteilungen befriedigend war. Der Rohgewinn stellte sich auf eine erhebliche Summe, wovon nach Abzug der Unkosten und Abschreibungen ein Reingewinn verbleibt. Die Verwaltung schlägt vor, eine Dividende zu verteilen und den Rest auf neue Rechnung vorzutragen. Im laufenden Jahre ist der Geschäftsgang bisher als zufriedenstellend zu bezeichnen; die Aufträge reichen für längere Zeit aus. Die Preise der Rohstoffe sind weiter gestiegen, doch konnten entsprechende Verkaufspreise erzielt werden. An der Börse blieb die Haltung fest, die Umsätze hielten sich in mäßigen Grenzen.

Vom Berliner Getreide- und Futtermittelmarkt. Vom 22. bis 29. April. Das Geschäft bewegte sich in engen Grenzen.

Die Gesellschaft berichtet über das abgelaufene Geschäftsjahr, daß die Beschäftigung in allen Abteilungen befriedigend war. Der Rohgewinn stellte sich auf eine erhebliche Summe, wovon nach Abzug der Unkosten und Abschreibungen ein Reingewinn verbleibt. Die Verwaltung schlägt vor, eine Dividende zu verteilen und den Rest auf neue Rechnung vorzutragen. Im laufenden Jahre ist der Geschäftsgang bisher als zufriedenstellend zu bezeichnen; die Aufträge reichen für längere Zeit aus. Die Preise der Rohstoffe sind weiter gestiegen, doch konnten entsprechende Verkaufspreise erzielt werden. An der Börse blieb die Haltung fest, die Umsätze hielten sich in mäßigen Grenzen. Die Gesellschaft berichtet über das abgelaufene Geschäftsjahr, daß die Beschäftigung in allen Abteilungen befriedigend war. Der Rohgewinn stellte sich auf eine erhebliche Summe, wovon nach Abzug der Unkosten und Abschreibungen ein Reingewinn verbleibt. Die Verwaltung schlägt vor, eine Dividende zu verteilen und den Rest auf neue Rechnung vorzutragen. Im laufenden Jahre ist der Geschäftsgang bisher als zufriedenstellend zu bezeichnen; die Aufträge reichen für längere Zeit aus. Die Preise der Rohstoffe sind weiter gestiegen, doch konnten entsprechende Verkaufspreise erzielt werden. An der Börse blieb die Haltung fest, die Umsätze hielten sich in mäßigen Grenzen. Die Gesellschaft berichtet über das abgelaufene Geschäftsjahr, daß die Beschäftigung in allen Abteilungen befriedigend war. Der Rohgewinn stellte sich auf eine erhebliche Summe, wovon nach Abzug der Unkosten und Abschreibungen ein Reingewinn verbleibt. Die Verwaltung schlägt vor, eine Dividende zu verteilen und den Rest auf neue Rechnung vorzutragen. Im laufenden Jahre ist der Geschäftsgang bisher als zufriedenstellend zu bezeichnen; die Aufträge reichen für längere Zeit aus. Die Preise der Rohstoffe sind weiter gestiegen, doch konnten entsprechende Verkaufspreise erzielt werden. An der Börse blieb die Haltung fest, die Umsätze hielten sich in mäßigen Grenzen. Die Gesellschaft berichtet über das abgelaufene Geschäftsjahr, daß die Beschäftigung in allen Abteilungen befriedigend war. Der Rohgewinn stellte sich auf eine erhebliche Summe, wovon nach Abzug der Unkosten und Abschreibungen ein Reingewinn verbleibt. Die Verwaltung schlägt vor, eine Dividende zu verteilen und den Rest auf neue Rechnung vorzutragen. Im laufenden Jahre ist der Geschäftsgang bisher als zufriedenstellend zu bezeichnen; die Aufträge reichen für längere Zeit aus. Die Preise der Rohstoffe sind weiter gestiegen, doch konnten entsprechende Verkaufspreise erzielt werden. An der Börse blieb die Haltung fest, die Umsätze hielten sich in mäßigen Grenzen. Die Gesellschaft berichtet über das abgelaufene Geschäftsjahr, daß die Beschäftigung in allen Abteilungen befriedigend war. Der Rohgewinn stellte sich auf eine erhebliche Summe, wovon nach Abzug der Unkosten und Abschreibungen ein Reingewinn verbleibt. Die Verwaltung schlägt vor, eine Dividende zu verteilen und den Rest auf neue Rechnung vorzutragen. Im laufenden Jahre ist der Geschäftsgang bisher als zufriedenstellend zu bezeichnen; die Aufträge reichen für längere Zeit aus. Die Preise der Rohstoffe sind weiter gestiegen, doch konnten entsprechende Verkaufspreise erzielt werden. An der Börse blieb die Haltung fest, die Umsätze hielten sich in mäßigen Grenzen. Die Gesellschaft berichtet über das abgelaufene Geschäftsjahr, daß die Beschäftigung in allen Abteilungen befriedigend war. Der Rohgewinn stellte sich auf eine erhebliche Summe, wovon nach Abzug der Unkosten und Abschreibungen ein Reingewinn verbleibt. Die Verwaltung schlägt vor, eine Dividende zu verteilen und den Rest auf neue Rechnung vorzutragen. Im laufenden Jahre ist der Geschäftsgang bisher als zufriedenstellend zu bezeichnen; die Aufträge reichen für längere Zeit aus. Die Preise der Rohstoffe sind weiter gestiegen, doch konnten entsprechende Verkaufspreise erzielt werden. An der Börse blieb die Haltung fest, die Umsätze hielten sich in mäßigen Grenzen. Die Gesellschaft berichtet über das abgelaufene Geschäftsjahr, daß die Beschäftigung in allen Abteilungen befriedigend war. Der Rohgewinn stellte sich auf eine erhebliche Summe, wovon nach Abzug der Unkosten und Abschreibungen ein Reingewinn verbleibt. Die Verwaltung schlägt vor, eine Dividende zu verteilen und den Rest auf neue Rechnung vorzutragen. Im laufenden Jahre ist der Geschäftsgang bisher als zufriedenstellend zu bezeichnen; die Aufträge reichen für längere Zeit aus. Die Preise der Rohstoffe sind weiter gestiegen, doch konnten entsprechende Verkaufspreise erzielt werden. An der Börse blieb die Haltung fest, die Umsätze hielten sich in mäßigen Grenzen.

Von den deutschen Börsen.

Frankfurt a. M., 29. April. Auch heute herrschte Zurückhaltung. Berlin, 29. April. Die Börse verkehrte in ruhiger Haltung.

Die Gesellschaft berichtet über das abgelaufene Geschäftsjahr, daß die Beschäftigung in allen Abteilungen befriedigend war. Der Rohgewinn stellte sich auf eine erhebliche Summe, wovon nach Abzug der Unkosten und Abschreibungen ein Reingewinn verbleibt. Die Verwaltung schlägt vor, eine Dividende zu verteilen und den Rest auf neue Rechnung vorzutragen. Im laufenden Jahre ist der Geschäftsgang bisher als zufriedenstellend zu bezeichnen; die Aufträge reichen für längere Zeit aus. Die Preise der Rohstoffe sind weiter gestiegen, doch konnten entsprechende Verkaufspreise erzielt werden. An der Börse blieb die Haltung fest, die Umsätze hielten sich in mäßigen Grenzen. Die Gesellschaft berichtet über das abgelaufene Geschäftsjahr, daß die Beschäftigung in allen Abteilungen befriedigend war. Der Rohgewinn stellte sich auf eine erhebliche Summe, wovon nach Abzug der Unkosten und Abschreibungen ein Reingewinn verbleibt. Die Verwaltung schlägt vor, eine Dividende zu verteilen und den Rest auf neue Rechnung vorzutragen. Im laufenden Jahre ist der Geschäftsgang bisher als zufriedenstellend zu bezeichnen; die Aufträge reichen für längere Zeit aus. Die Preise der Rohstoffe sind weiter gestiegen, doch konnten entsprechende Verkaufspreise erzielt werden. An der Börse blieb die Haltung fest, die Umsätze hielten sich in mäßigen Grenzen. Die Gesellschaft berichtet über das abgelaufene Geschäftsjahr, daß die Beschäftigung in allen Abteilungen befriedigend war. Der Rohgewinn stellte sich auf eine erhebliche Summe, wovon nach Abzug der Unkosten und Abschreibungen ein Reingewinn verbleibt. Die Verwaltung schlägt vor, eine Dividende zu verteilen und den Rest auf neue Rechnung vorzutragen. Im laufenden Jahre ist der Geschäftsgang bisher als zufriedenstellend zu bezeichnen; die Aufträge reichen für längere Zeit aus. Die Preise der Rohstoffe sind weiter gestiegen, doch konnten entsprechende Verkaufspreise erzielt werden. An der Börse blieb die Haltung fest, die Umsätze hielten sich in mäßigen Grenzen. Die Gesellschaft berichtet über das abgelaufene Geschäftsjahr, daß die Beschäftigung in allen Abteilungen befriedigend war. Der Rohgewinn stellte sich auf eine erhebliche Summe, wovon nach Abzug der Unkosten und Abschreibungen ein Reingewinn verbleibt. Die Verwaltung schlägt vor, eine Dividende zu verteilen und den Rest auf neue Rechnung vorzutragen. Im laufenden Jahre ist der Geschäftsgang bisher als zufriedenstellend zu bezeichnen; die Aufträge reichen für längere Zeit aus. Die Preise der Rohstoffe sind weiter gestiegen, doch konnten entsprechende Verkaufspreise erzielt werden. An der Börse blieb die Haltung fest, die Umsätze hielten sich in mäßigen Grenzen. Die Gesellschaft berichtet über das abgelaufene Geschäftsjahr, daß die Beschäftigung in allen Abteilungen befriedigend war. Der Rohgewinn stellte sich auf eine erhebliche Summe, wovon nach Abzug der Unkosten und Abschreibungen ein Reingewinn verbleibt. Die Verwaltung schlägt vor, eine Dividende zu verteilen und den Rest auf neue Rechnung vorzutragen. Im laufenden Jahre ist der Geschäftsgang bisher als zufriedenstellend zu bezeichnen; die Aufträge reichen für längere Zeit aus. Die Preise der Rohstoffe sind weiter gestiegen, doch konnten entsprechende Verkaufspreise erzielt werden. An der Börse blieb die Haltung fest, die Umsätze hielten sich in mäßigen Grenzen.

Amerikanische Börsen- und Handelsnachrichten.

New York, 28. April. Die Aufwärtsbewegung der Kurse setzte sich fort. New York, 28. April. Der Weizenmarkt eröffnete fest.

Die Gesellschaft berichtet über das abgelaufene Geschäftsjahr, daß die Beschäftigung in allen Abteilungen befriedigend war. Der Rohgewinn stellte sich auf eine erhebliche Summe, wovon nach Abzug der Unkosten und Abschreibungen ein Reingewinn verbleibt. Die Verwaltung schlägt vor, eine Dividende zu verteilen und den Rest auf neue Rechnung vorzutragen. Im laufenden Jahre ist der Geschäftsgang bisher als zufriedenstellend zu bezeichnen; die Aufträge reichen für längere Zeit aus. Die Preise der Rohstoffe sind weiter gestiegen, doch konnten entsprechende Verkaufspreise erzielt werden. An der Börse blieb die Haltung fest, die Umsätze hielten sich in mäßigen Grenzen. Die Gesellschaft berichtet über das abgelaufene Geschäftsjahr, daß die Beschäftigung in allen Abteilungen befriedigend war. Der Rohgewinn stellte sich auf eine erhebliche Summe, wovon nach Abzug der Unkosten und Abschreibungen ein Reingewinn verbleibt. Die Verwaltung schlägt vor, eine Dividende zu verteilen und den Rest auf neue Rechnung vorzutragen. Im laufenden Jahre ist der Geschäftsgang bisher als zufriedenstellend zu bezeichnen; die Aufträge reichen für längere Zeit aus. Die Preise der Rohstoffe sind weiter gestiegen, doch konnten entsprechende Verkaufspreise erzielt werden. An der Börse blieb die Haltung fest, die Umsätze hielten sich in mäßigen Grenzen. Die Gesellschaft berichtet über das abgelaufene Geschäftsjahr, daß die Beschäftigung in allen Abteilungen befriedigend war. Der Rohgewinn stellte sich auf eine erhebliche Summe, wovon nach Abzug der Unkosten und Abschreibungen ein Reingewinn verbleibt. Die Verwaltung schlägt vor, eine Dividende zu verteilen und den Rest auf neue Rechnung vorzutragen. Im laufenden Jahre ist der Geschäftsgang bisher als zufriedenstellend zu bezeichnen; die Aufträge reichen für längere Zeit aus. Die Preise der Rohstoffe sind weiter gestiegen, doch konnten entsprechende Verkaufspreise erzielt werden. An der Börse blieb die Haltung fest, die Umsätze hielten sich in mäßigen Grenzen. Die Gesellschaft berichtet über das abgelaufene Geschäftsjahr, daß die Beschäftigung in allen Abteilungen befriedigend war. Der Rohgewinn stellte sich auf eine erhebliche Summe, wovon nach Abzug der Unkosten und Abschreibungen ein Reingewinn verbleibt. Die Verwaltung schlägt vor, eine Dividende zu verteilen und den Rest auf neue Rechnung vorzutragen. Im laufenden Jahre ist der Geschäftsgang bisher als zufriedenstellend zu bezeichnen; die Aufträge reichen für längere Zeit aus. Die Preise der Rohstoffe sind weiter gestiegen, doch konnten entsprechende Verkaufspreise erzielt werden. An der Börse blieb die Haltung fest, die Umsätze hielten sich in mäßigen Grenzen.
